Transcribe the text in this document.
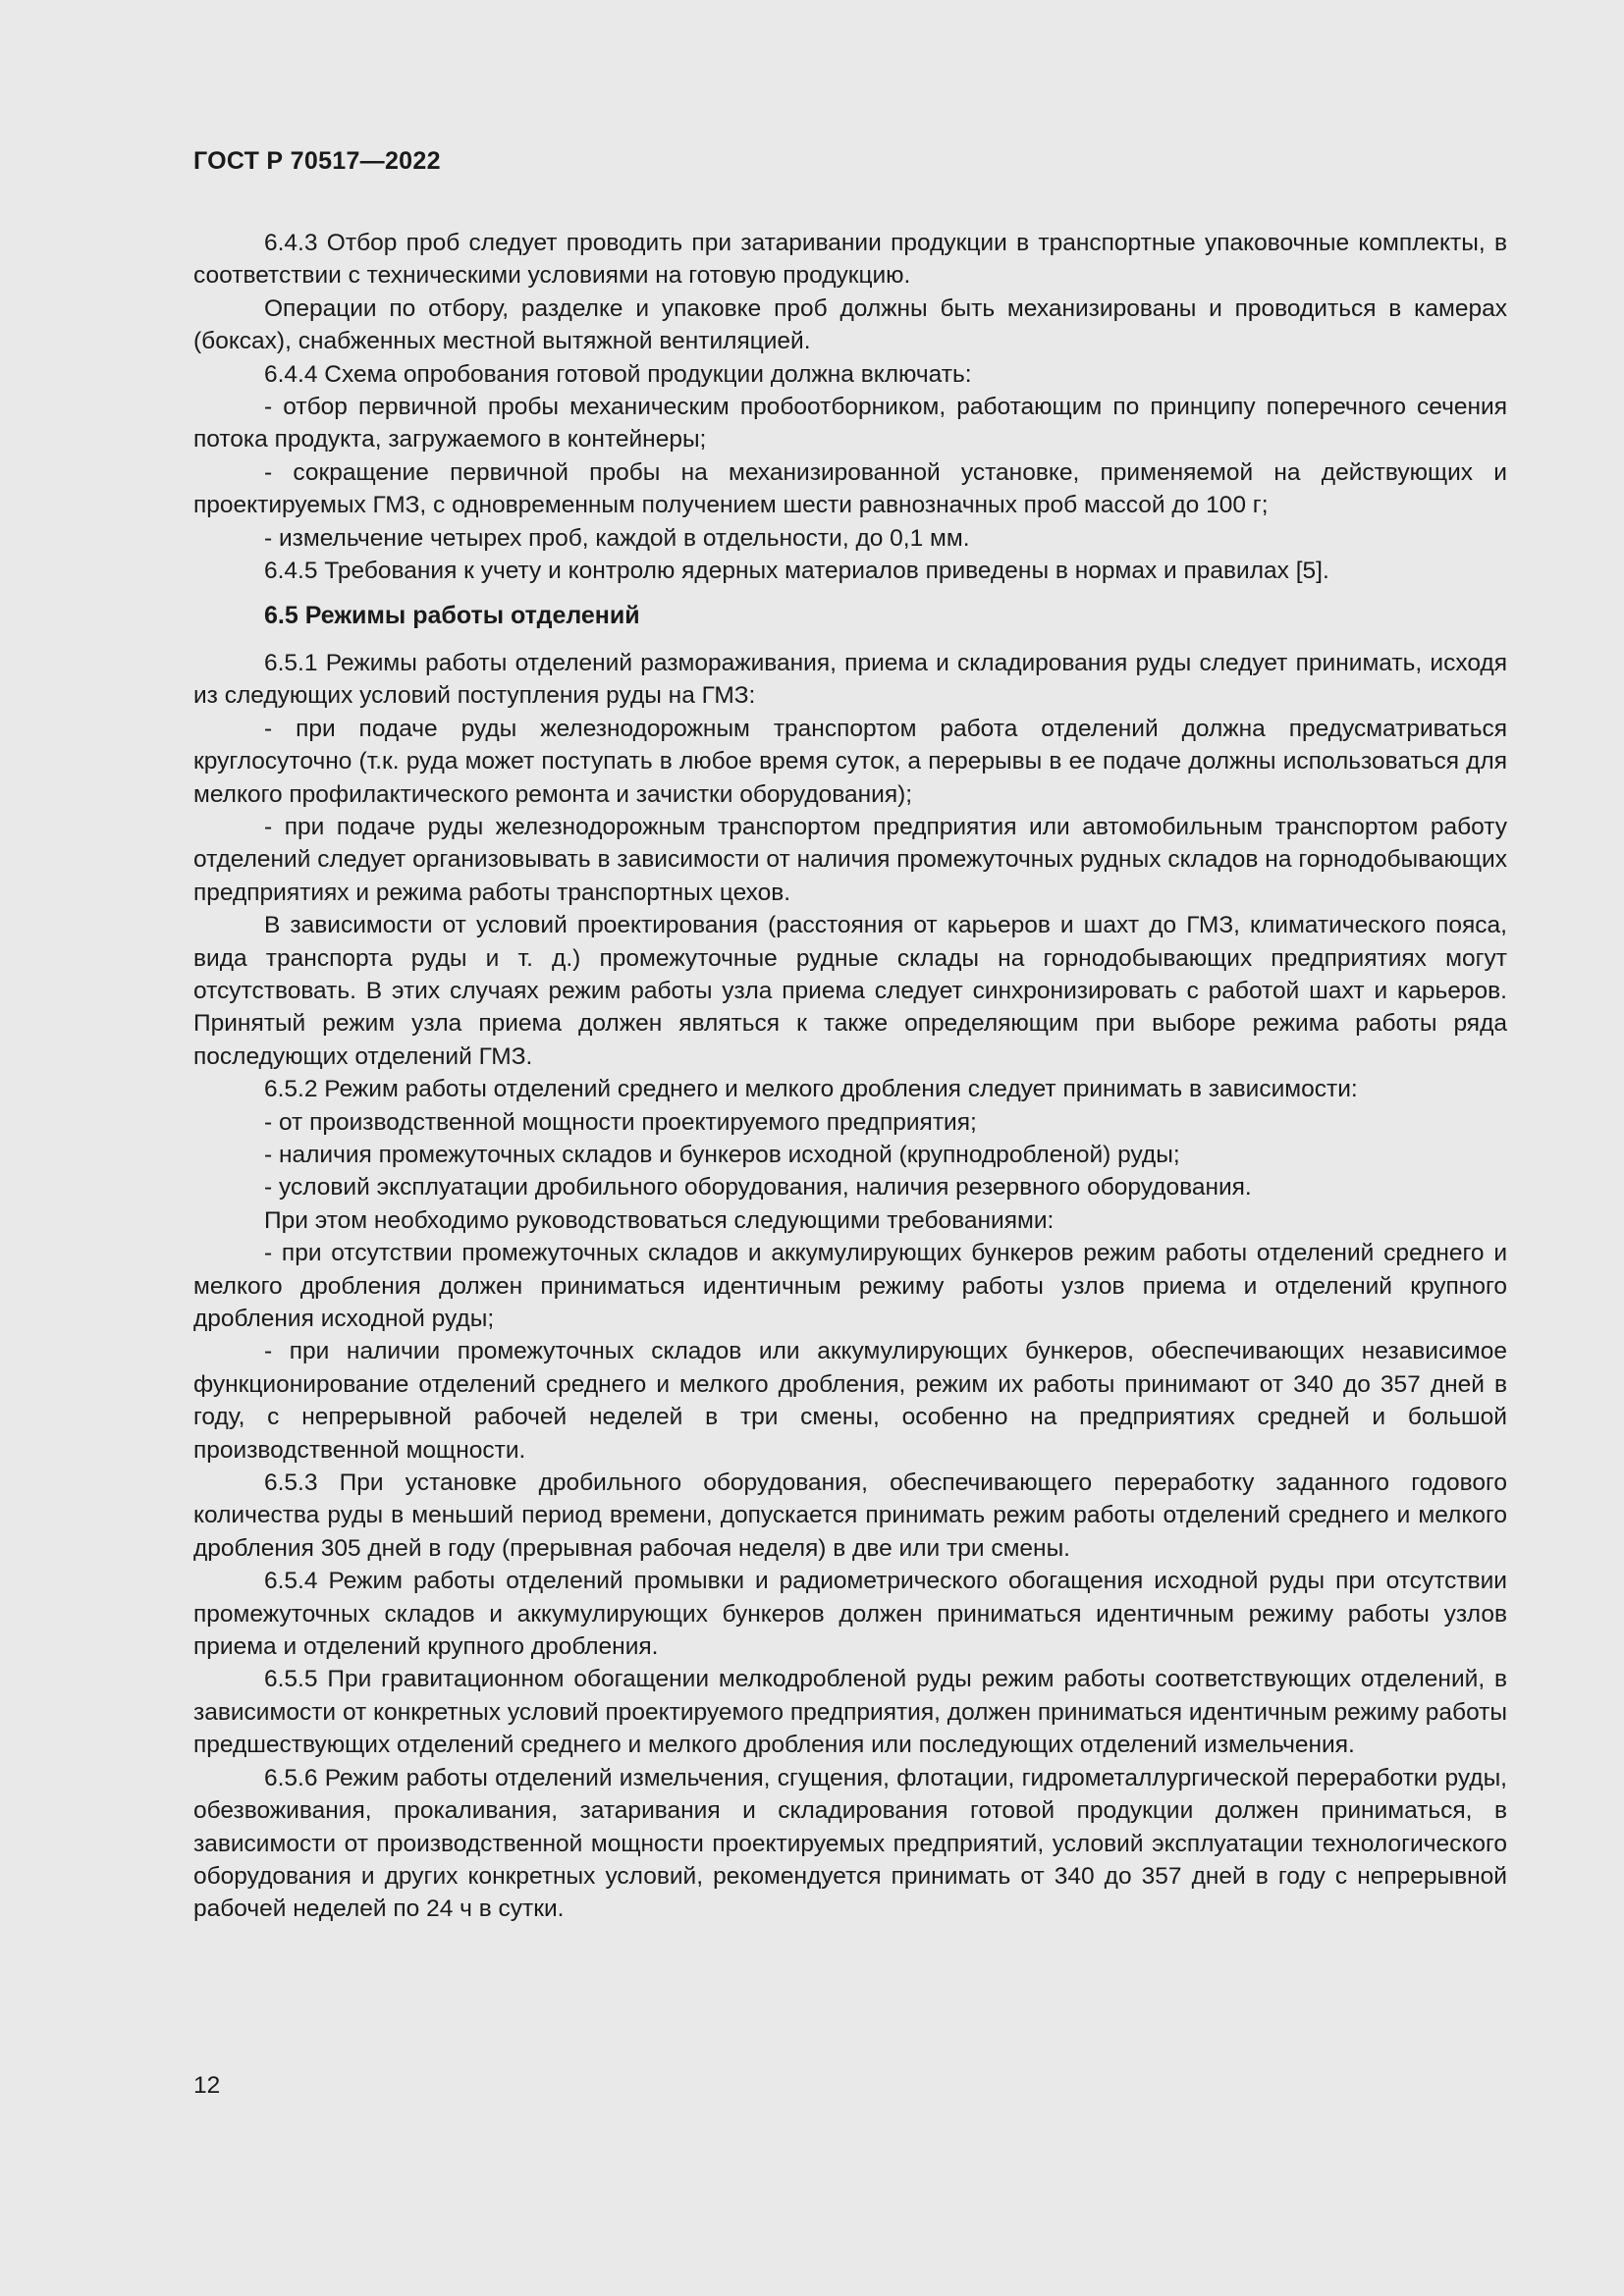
ГОСТ Р 70517—2022

6.4.3 Отбор проб следует проводить при затаривании продукции в транспортные упаковочные комплекты, в соответствии с техническими условиями на готовую продукцию.

Операции по отбору, разделке и упаковке проб должны быть механизированы и проводиться в камерах (боксах), снабженных местной вытяжной вентиляцией.

6.4.4 Схема опробования готовой продукции должна включать:

- отбор первичной пробы механическим пробоотборником, работающим по принципу поперечного сечения потока продукта, загружаемого в контейнеры;

- сокращение первичной пробы на механизированной установке, применяемой на действующих и проектируемых ГМЗ, с одновременным получением шести равнозначных проб массой до 100 г;

- измельчение четырех проб, каждой в отдельности, до 0,1 мм.

6.4.5 Требования к учету и контролю ядерных материалов приведены в нормах и правилах [5].

6.5 Режимы работы отделений

6.5.1 Режимы работы отделений размораживания, приема и складирования руды следует принимать, исходя из следующих условий поступления руды на ГМЗ:

- при подаче руды железнодорожным транспортом работа отделений должна предусматриваться круглосуточно (т.к. руда может поступать в любое время суток, а перерывы в ее подаче должны использоваться для мелкого профилактического ремонта и зачистки оборудования);

- при подаче руды железнодорожным транспортом предприятия или автомобильным транспортом работу отделений следует организовывать в зависимости от наличия промежуточных рудных складов на горнодобывающих предприятиях и режима работы транспортных цехов.

В зависимости от условий проектирования (расстояния от карьеров и шахт до ГМЗ, климатического пояса, вида транспорта руды и т. д.) промежуточные рудные склады на горнодобывающих предприятиях могут отсутствовать. В этих случаях режим работы узла приема следует синхронизировать с работой шахт и карьеров. Принятый режим узла приема должен являться к также определяющим при выборе режима работы ряда последующих отделений ГМЗ.

6.5.2 Режим работы отделений среднего и мелкого дробления следует принимать в зависимости:

- от производственной мощности проектируемого предприятия;

- наличия промежуточных складов и бункеров исходной (крупнодробленой) руды;

- условий эксплуатации дробильного оборудования, наличия резервного оборудования.

При этом необходимо руководствоваться следующими требованиями:

- при отсутствии промежуточных складов и аккумулирующих бункеров режим работы отделений среднего и мелкого дробления должен приниматься идентичным режиму работы узлов приема и отделений крупного дробления исходной руды;

- при наличии промежуточных складов или аккумулирующих бункеров, обеспечивающих независимое функционирование отделений среднего и мелкого дробления, режим их работы принимают от 340 до 357 дней в году, с непрерывной рабочей неделей в три смены, особенно на предприятиях средней и большой производственной мощности.

6.5.3 При установке дробильного оборудования, обеспечивающего переработку заданного годового количества руды в меньший период времени, допускается принимать режим работы отделений среднего и мелкого дробления 305 дней в году (прерывная рабочая неделя) в две или три смены.

6.5.4 Режим работы отделений промывки и радиометрического обогащения исходной руды при отсутствии промежуточных складов и аккумулирующих бункеров должен приниматься идентичным режиму работы узлов приема и отделений крупного дробления.

6.5.5 При гравитационном обогащении мелкодробленой руды режим работы соответствующих отделений, в зависимости от конкретных условий проектируемого предприятия, должен приниматься идентичным режиму работы предшествующих отделений среднего и мелкого дробления или последующих отделений измельчения.

6.5.6 Режим работы отделений измельчения, сгущения, флотации, гидрометаллургической переработки руды, обезвоживания, прокаливания, затаривания и складирования готовой продукции должен приниматься, в зависимости от производственной мощности проектируемых предприятий, условий эксплуатации технологического оборудования и других конкретных условий, рекомендуется принимать от 340 до 357 дней в году с непрерывной рабочей неделей по 24 ч в сутки.

12
